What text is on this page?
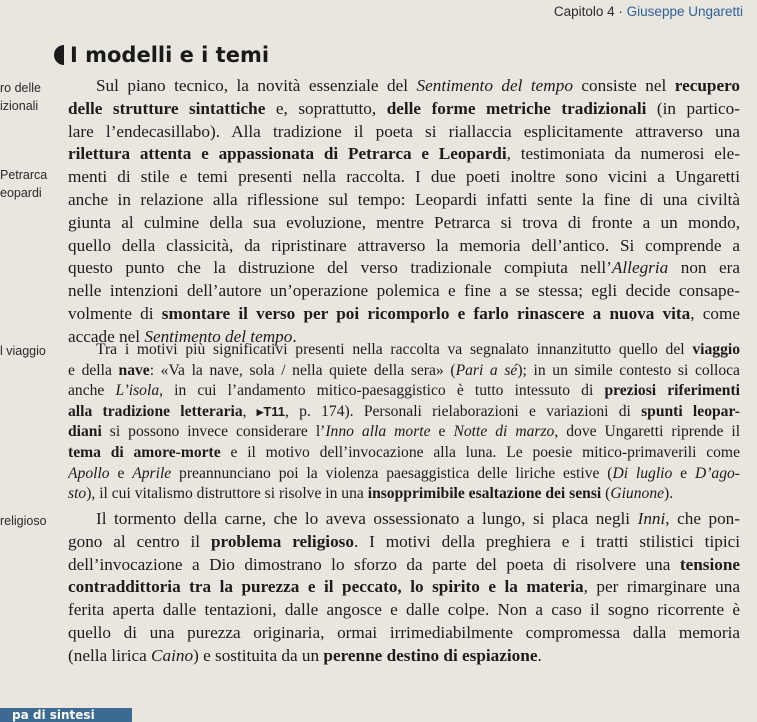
Capitolo 4 · Giuseppe Ungaretti
I modelli e i temi
ro delle
izionali
Petrarca
eopardi
l viaggio
religioso
Sul piano tecnico, la novità essenziale del Sentimento del tempo consiste nel recupero
delle strutture sintattiche e, soprattutto, delle forme metriche tradizionali (in partico-
lare l’endecasillabo). Alla tradizione il poeta si riallaccia esplicitamente attraverso una
rilettura attenta e appassionata di Petrarca e Leopardi, testimoniata da numerosi ele-
menti di stile e temi presenti nella raccolta. I due poeti inoltre sono vicini a Ungaretti
anche in relazione alla riflessione sul tempo: Leopardi infatti sente la fine di una civiltà
giunta al culmine della sua evoluzione, mentre Petrarca si trova di fronte a un mondo,
quello della classicità, da ripristinare attraverso la memoria dell’antico. Si comprende a
questo punto che la distruzione del verso tradizionale compiuta nell’Allegria non era
nelle intenzioni dell’autore un’operazione polemica e fine a se stessa; egli decide consape-
volmente di smontare il verso per poi ricomporlo e farlo rinascere a nuova vita, come
accade nel Sentimento del tempo.
Tra i motivi più significativi presenti nella raccolta va segnalato innanzitutto quello del viaggio
e della nave: «Va la nave, sola / nella quiete della sera» (Pari a sé); in un simile contesto si colloca
anche L’isola, in cui l’andamento mitico-paesaggistico è tutto intessuto di preziosi riferimenti
alla tradizione letteraria, ▸T11, p. 174). Personali rielaborazioni e variazioni di spunti leopar-
diani si possono invece considerare l’Inno alla morte e Notte di marzo, dove Ungaretti riprende il
tema di amore-morte e il motivo dell’invocazione alla luna. Le poesie mitico-primaverili come
Apollo e Aprile preannunciano poi la violenza paesaggistica delle liriche estive (Di luglio e D’ago-
sto), il cui vitalismo distruttore si risolve in una insopprimibile esaltazione dei sensi (Giunone).
Il tormento della carne, che lo aveva ossessionato a lungo, si placa negli Inni, che pon-
gono al centro il problema religioso. I motivi della preghiera e i tratti stilistici tipici
dell’invocazione a Dio dimostrano lo sforzo da parte del poeta di risolvere una tensione
contraddittoria tra la purezza e il peccato, lo spirito e la materia, per rimarginare una
ferita aperta dalle tentazioni, dalle angosce e dalle colpe. Non a caso il sogno ricorrente è
quello di una purezza originaria, ormai irrimediabilmente compromessa dalla memoria
(nella lirica Caino) e sostituita da un perenne destino di espiazione.
pa di sintesi
